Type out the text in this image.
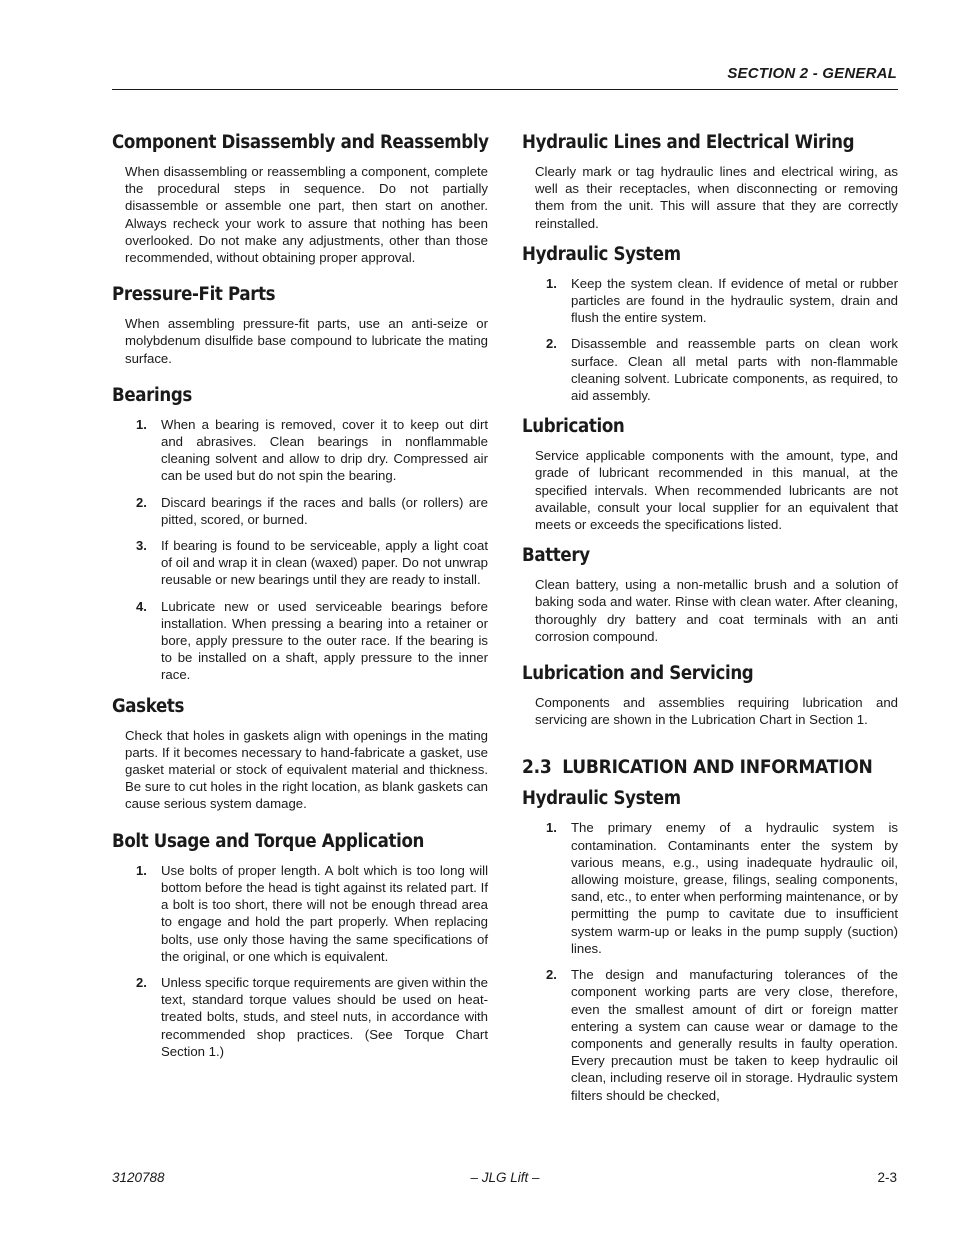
SECTION 2 - GENERAL
Component Disassembly and Reassembly

When disassembling or reassembling a component, complete the procedural steps in sequence. Do not partially disassemble or assemble one part, then start on another. Always recheck your work to assure that nothing has been overlooked. Do not make any adjustments, other than those recommended, without obtaining proper approval.

Pressure-Fit Parts

When assembling pressure-fit parts, use an anti-seize or molybdenum disulfide base compound to lubricate the mating surface.

Bearings
1. When a bearing is removed, cover it to keep out dirt and abrasives. Clean bearings in nonflammable cleaning solvent and allow to drip dry. Compressed air can be used but do not spin the bearing.
2. Discard bearings if the races and balls (or rollers) are pitted, scored, or burned.
3. If bearing is found to be serviceable, apply a light coat of oil and wrap it in clean (waxed) paper. Do not unwrap reusable or new bearings until they are ready to install.
4. Lubricate new or used serviceable bearings before installation. When pressing a bearing into a retainer or bore, apply pressure to the outer race. If the bearing is to be installed on a shaft, apply pressure to the inner race.
Gaskets

Check that holes in gaskets align with openings in the mating parts. If it becomes necessary to hand-fabricate a gasket, use gasket material or stock of equivalent material and thickness. Be sure to cut holes in the right location, as blank gaskets can cause serious system damage.

Bolt Usage and Torque Application
1. Use bolts of proper length. A bolt which is too long will bottom before the head is tight against its related part. If a bolt is too short, there will not be enough thread area to engage and hold the part properly. When replacing bolts, use only those having the same specifications of the original, or one which is equivalent.
2. Unless specific torque requirements are given within the text, standard torque values should be used on heat-treated bolts, studs, and steel nuts, in accordance with recommended shop practices. (See Torque Chart Section 1.)
Hydraulic Lines and Electrical Wiring

Clearly mark or tag hydraulic lines and electrical wiring, as well as their receptacles, when disconnecting or removing them from the unit. This will assure that they are correctly reinstalled.

Hydraulic System
1. Keep the system clean. If evidence of metal or rubber particles are found in the hydraulic system, drain and flush the entire system.
2. Disassemble and reassemble parts on clean work surface. Clean all metal parts with non-flammable cleaning solvent. Lubricate components, as required, to aid assembly.
Lubrication

Service applicable components with the amount, type, and grade of lubricant recommended in this manual, at the specified intervals. When recommended lubricants are not available, consult your local supplier for an equivalent that meets or exceeds the specifications listed.

Battery

Clean battery, using a non-metallic brush and a solution of baking soda and water. Rinse with clean water. After cleaning, thoroughly dry battery and coat terminals with an anti corrosion compound.

Lubrication and Servicing

Components and assemblies requiring lubrication and servicing are shown in the Lubrication Chart in Section 1.

2.3 LUBRICATION AND INFORMATION
Hydraulic System
1. The primary enemy of a hydraulic system is contamination. Contaminants enter the system by various means, e.g., using inadequate hydraulic oil, allowing moisture, grease, filings, sealing components, sand, etc., to enter when performing maintenance, or by permitting the pump to cavitate due to insufficient system warm-up or leaks in the pump supply (suction) lines.
2. The design and manufacturing tolerances of the component working parts are very close, therefore, even the smallest amount of dirt or foreign matter entering a system can cause wear or damage to the components and generally results in faulty operation. Every precaution must be taken to keep hydraulic oil clean, including reserve oil in storage. Hydraulic system filters should be checked,
3120788	– JLG Lift –	2-3
